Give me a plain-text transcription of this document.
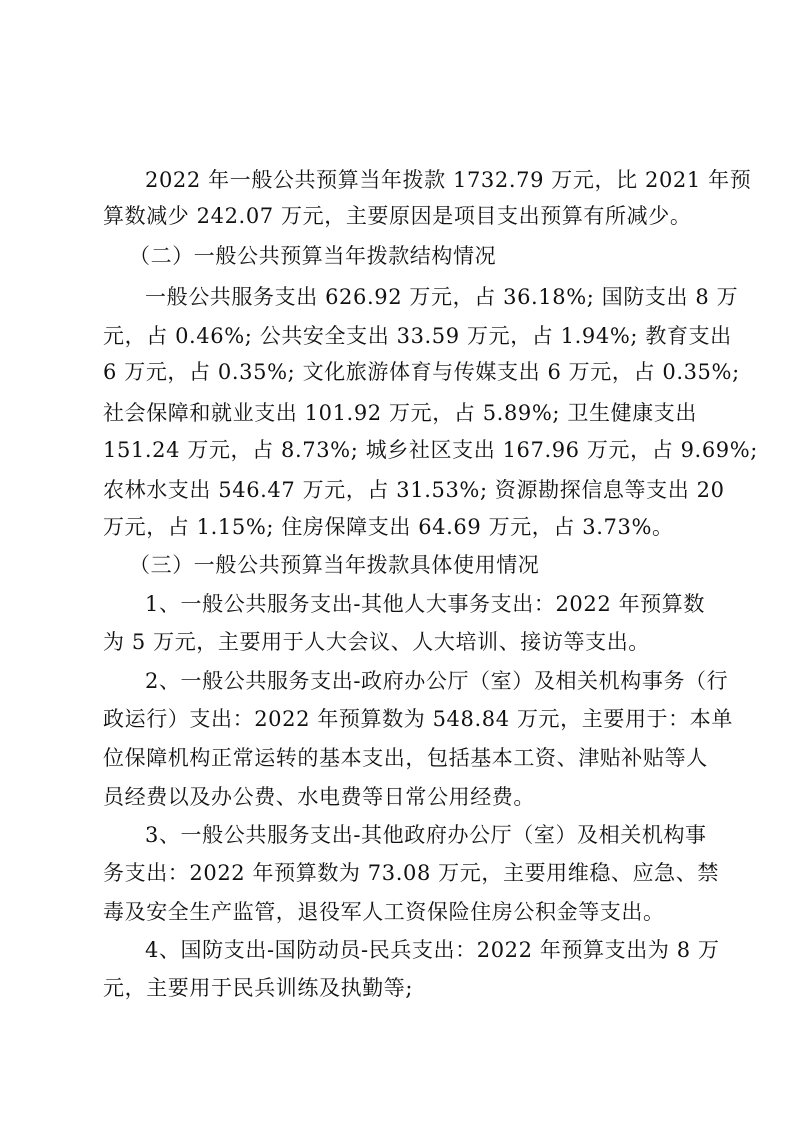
2022 年一般公共预算当年拨款 1732.79 万元，比 2021 年预
算数减少 242.07 万元，主要原因是项目支出预算有所减少。
（二）一般公共预算当年拨款结构情况
一般公共服务支出 626.92 万元，占 36.18%; 国防支出 8 万
元，占 0.46%; 公共安全支出 33.59 万元，占 1.94%; 教育支出
6 万元，占 0.35%; 文化旅游体育与传媒支出 6 万元，占 0.35%;
社会保障和就业支出 101.92 万元，占 5.89%; 卫生健康支出
151.24 万元，占 8.73%; 城乡社区支出 167.96 万元，占 9.69%;
农林水支出 546.47 万元，占 31.53%; 资源勘探信息等支出 20
万元，占 1.15%; 住房保障支出 64.69 万元，占 3.73%。
（三）一般公共预算当年拨款具体使用情况
1、一般公共服务支出-其他人大事务支出：2022 年预算数
为 5 万元，主要用于人大会议、人大培训、接访等支出。
2、一般公共服务支出-政府办公厅（室）及相关机构事务（行
政运行）支出：2022 年预算数为 548.84 万元，主要用于：本单
位保障机构正常运转的基本支出，包括基本工资、津贴补贴等人
员经费以及办公费、水电费等日常公用经费。
3、一般公共服务支出-其他政府办公厅（室）及相关机构事
务支出：2022 年预算数为 73.08 万元，主要用维稳、应急、禁
毒及安全生产监管，退役军人工资保险住房公积金等支出。
4、国防支出-国防动员-民兵支出：2022 年预算支出为 8 万
元，主要用于民兵训练及执勤等;
